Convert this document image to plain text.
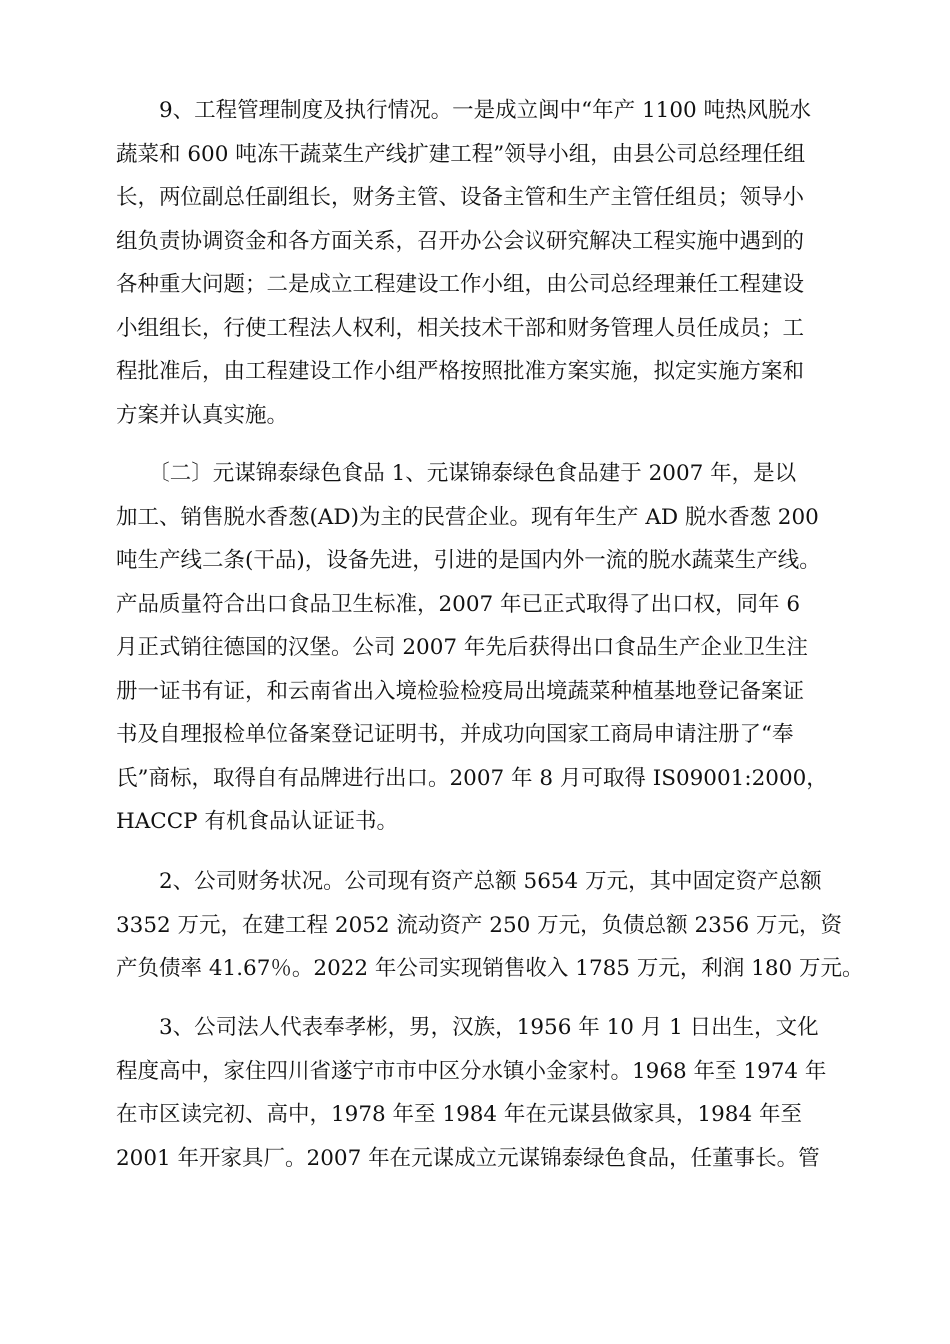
　　9、工程管理制度及执行情况。一是成立闽中“年产 1100 吨热风脱水
蔬菜和 600 吨冻干蔬菜生产线扩建工程”领导小组，由县公司总经理任组
长，两位副总任副组长，财务主管、设备主管和生产主管任组员；领导小
组负责协调资金和各方面关系，召开办公会议研究解决工程实施中遇到的
各种重大问题；二是成立工程建设工作小组，由公司总经理兼任工程建设
小组组长，行使工程法人权利，相关技术干部和财务管理人员任成员；工
程批准后，由工程建设工作小组严格按照批准方案实施，拟定实施方案和
方案并认真实施。
　　〔二〕元谋锦泰绿色食品 1、元谋锦泰绿色食品建于 2007 年，是以
加工、销售脱水香葱(AD)为主的民营企业。现有年生产 AD 脱水香葱 200
吨生产线二条(干品)，设备先进，引进的是国内外一流的脱水蔬菜生产线。
产品质量符合出口食品卫生标准，2007 年已正式取得了出口权，同年 6
月正式销往德国的汉堡。公司 2007 年先后获得出口食品生产企业卫生注
册一证书有证，和云南省出入境检验检疫局出境蔬菜种植基地登记备案证
书及自理报检单位备案登记证明书，并成功向国家工商局申请注册了“奉
氏”商标，取得自有品牌进行出口。2007 年 8 月可取得 IS09001:2000，
HACCP 有机食品认证证书。
　　2、公司财务状况。公司现有资产总额 5654 万元，其中固定资产总额
3352 万元，在建工程 2052 流动资产 250 万元，负债总额 2356 万元，资
产负债率 41.67％。2022 年公司实现销售收入 1785 万元，利润 180 万元。
　　3、公司法人代表奉孝彬，男，汉族，1956 年 10 月 1 日出生，文化
程度高中，家住四川省遂宁市市中区分水镇小金家村。1968 年至 1974 年
在市区读完初、高中，1978 年至 1984 年在元谋县做家具，1984 年至
2001 年开家具厂。2007 年在元谋成立元谋锦泰绿色食品，任董事长。管
